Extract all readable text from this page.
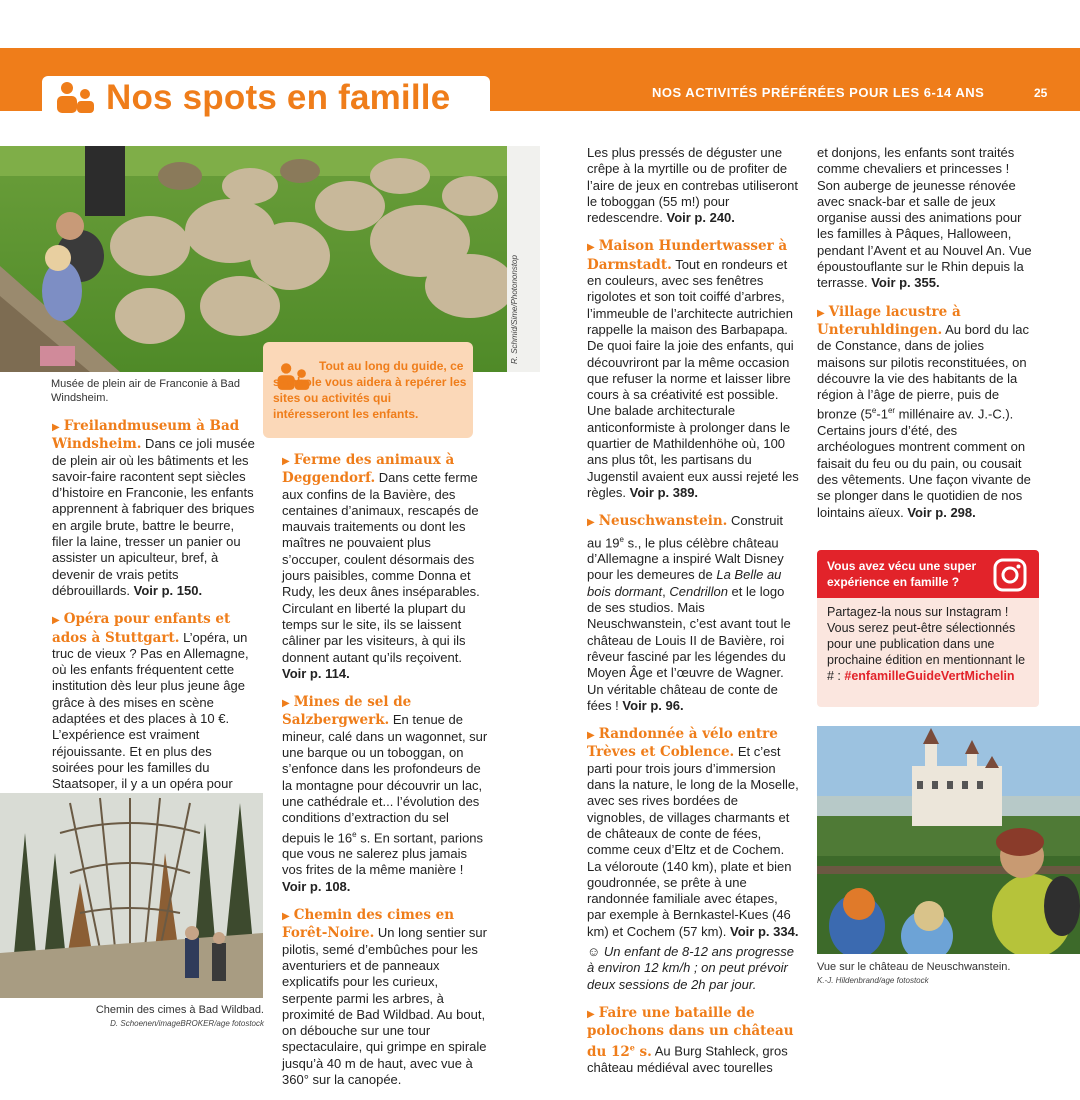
Nos spots en famille	NOS ACTIVITÉS PRÉFÉRÉES POUR LES 6-14 ANS	25
R. Schmid/Sime/Photononstop
Musée de plein air de Franconie à Bad Windsheim.
Tout au long du guide, ce symbole vous aidera à repérer les sites ou activités qui intéresseront les enfants.

▶ Freilandmuseum à Bad Windsheim. Dans ce joli musée de plein air où les bâtiments et les savoir-faire racontent sept siècles d’histoire en Franconie, les enfants apprennent à fabriquer des briques en argile brute, battre le beurre, filer la laine, tresser un panier ou assister un apiculteur, bref, à devenir de vrais petits débrouillards. Voir p. 150.

▶ Opéra pour enfants et ados à Stuttgart. L’opéra, un truc de vieux ? Pas en Allemagne, où les enfants fréquentent cette institution dès leur plus jeune âge grâce à des mises en scène adaptées et des places à 10 €. L’expérience est vraiment réjouissante. Et en plus des soirées pour les familles du Staatsoper, il y a un opéra pour

Chemin des cimes à Bad Wildbad.
D. Schoenen/imageBROKER/age fotostock

▶ Ferme des animaux à Deggendorf. Dans cette ferme aux confins de la Bavière, des centaines d’animaux, rescapés de mauvais traitements ou dont les maîtres ne pouvaient plus s’occuper, coulent désormais des jours paisibles, comme Donna et Rudy, les deux ânes inséparables. Circulant en liberté la plupart du temps sur le site, ils se laissent câliner par les visiteurs, à qui ils donnent autant qu’ils reçoivent. Voir p. 114.

▶ Mines de sel de Salzbergwerk. En tenue de mineur, calé dans un wagonnet, sur une barque ou un toboggan, on s’enfonce dans les profondeurs de la montagne pour découvrir un lac, une cathédrale et... l’évolution des conditions d’extraction du sel depuis le 16e s. En sortant, parions que vous ne salerez plus jamais vos frites de la même manière ! Voir p. 108.

▶ Chemin des cimes en Forêt-Noire. Un long sentier sur pilotis, semé d’embûches pour les aventuriers et de panneaux explicatifs pour les curieux, serpente parmi les arbres, à proximité de Bad Wildbad. Au bout, on débouche sur une tour spectaculaire, qui grimpe en spirale jusqu’à 40 m de haut, avec vue à 360° sur la canopée.

Les plus pressés de déguster une crêpe à la myrtille ou de profiter de l’aire de jeux en contrebas utiliseront le toboggan (55 m!) pour redescendre. Voir p. 240.

▶ Maison Hundertwasser à Darmstadt. Tout en rondeurs et en couleurs, avec ses fenêtres rigolotes et son toit coiffé d’arbres, l’immeuble de l’architecte autrichien rappelle la maison des Barbapapa. De quoi faire la joie des enfants, qui découvriront par la même occasion que refuser la norme et laisser libre cours à sa créativité est possible. Une balade architecturale anticonformiste à prolonger dans le quartier de Mathildenhöhe où, 100 ans plus tôt, les partisans du Jugenstil avaient eux aussi rejeté les règles. Voir p. 389.

▶ Neuschwanstein. Construit au 19e s., le plus célèbre château d’Allemagne a inspiré Walt Disney pour les demeures de La Belle au bois dormant, Cendrillon et le logo de ses studios. Mais Neuschwanstein, c’est avant tout le château de Louis II de Bavière, roi rêveur fasciné par les légendes du Moyen Âge et l’œuvre de Wagner. Un véritable château de conte de fées ! Voir p. 96.

▶ Randonnée à vélo entre Trèves et Coblence. Et c’est parti pour trois jours d’immersion dans la nature, le long de la Moselle, avec ses rives bordées de vignobles, de villages charmants et de châteaux de conte de fées, comme ceux d’Eltz et de Cochem. La véloroute (140 km), plate et bien goudronnée, se prête à une randonnée familiale avec étapes, par exemple à Bernkastel-Kues (46 km) et Cochem (57 km). Voir p. 334.

☺ Un enfant de 8-12 ans progresse à environ 12 km/h ; on peut prévoir deux sessions de 2h par jour.

▶ Faire une bataille de polochons dans un château du 12e s. Au Burg Stahleck, gros château médiéval avec tourelles

et donjons, les enfants sont traités comme chevaliers et princesses ! Son auberge de jeunesse rénovée avec snack-bar et salle de jeux organise aussi des animations pour les familles à Pâques, Halloween, pendant l’Avent et au Nouvel An. Vue époustouflante sur le Rhin depuis la terrasse. Voir p. 355.

▶ Village lacustre à Unteruhldingen. Au bord du lac de Constance, dans de jolies maisons sur pilotis reconstituées, on découvre la vie des habitants de la région à l’âge de pierre, puis de bronze (5e-1er millénaire av. J.-C.). Certains jours d’été, des archéologues montrent comment on faisait du feu ou du pain, ou cousait des vêtements. Une façon vivante de se plonger dans le quotidien de nos lointains aïeux. Voir p. 298.

Vous avez vécu une super expérience en famille ?
Partagez-la nous sur Instagram ! Vous serez peut-être sélectionnés pour une publication dans une prochaine édition en mentionnant le # : #enfamilleGuideVertMichelin
Vue sur le château de Neuschwanstein.
K.-J. Hildenbrand/age fotostock
